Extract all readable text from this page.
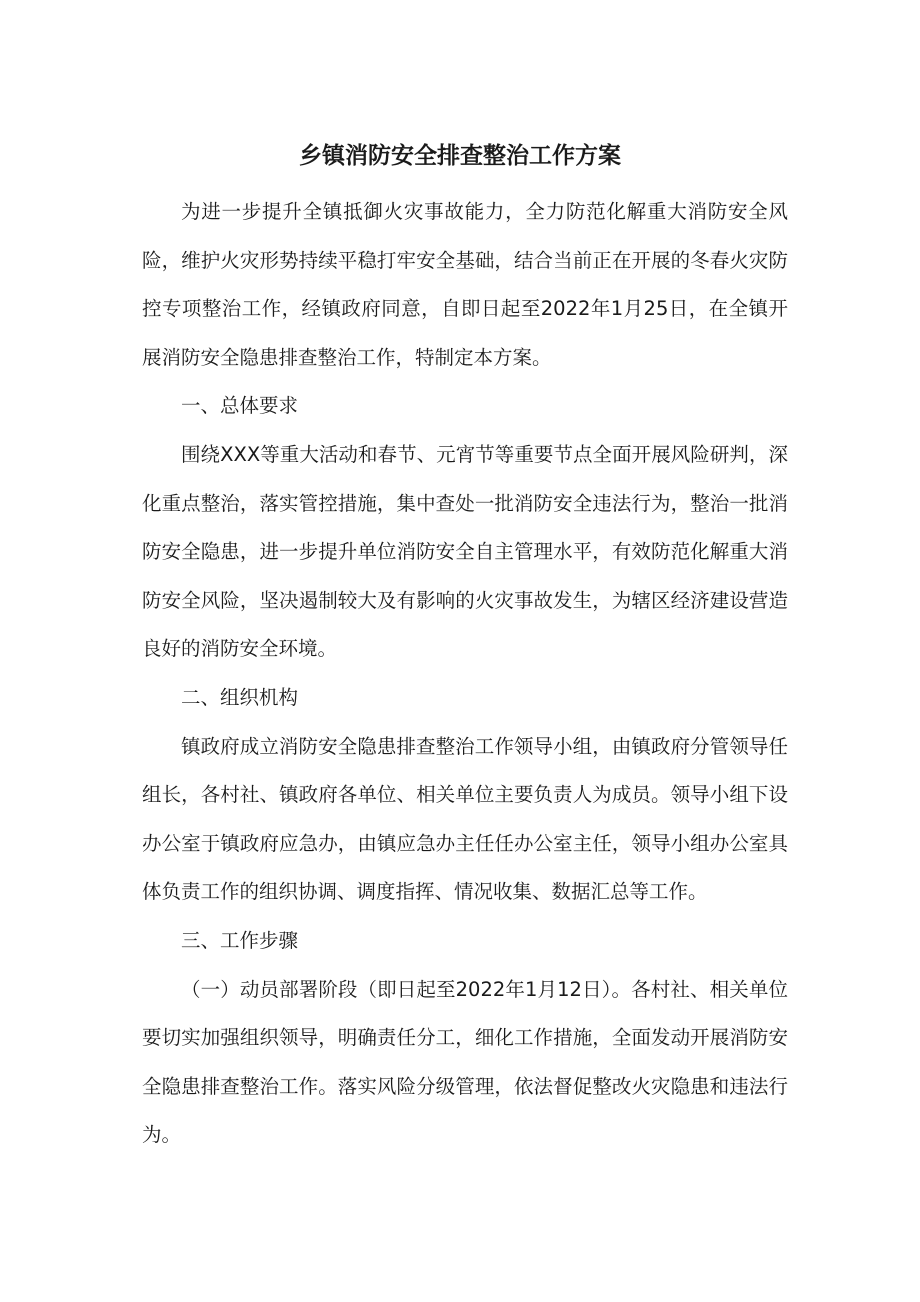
乡镇消防安全排查整治工作方案

为进一步提升全镇抵御火灾事故能力，全力防范化解重大消防安全风险，维护火灾形势持续平稳打牢安全基础，结合当前正在开展的冬春火灾防控专项整治工作，经镇政府同意，自即日起至2022年1月25日，在全镇开展消防安全隐患排查整治工作，特制定本方案。

一、总体要求

围绕XXX等重大活动和春节、元宵节等重要节点全面开展风险研判，深化重点整治，落实管控措施，集中查处一批消防安全违法行为，整治一批消防安全隐患，进一步提升单位消防安全自主管理水平，有效防范化解重大消防安全风险，坚决遏制较大及有影响的火灾事故发生，为辖区经济建设营造良好的消防安全环境。

二、组织机构

镇政府成立消防安全隐患排查整治工作领导小组，由镇政府分管领导任组长，各村社、镇政府各单位、相关单位主要负责人为成员。领导小组下设办公室于镇政府应急办，由镇应急办主任任办公室主任，领导小组办公室具体负责工作的组织协调、调度指挥、情况收集、数据汇总等工作。

三、工作步骤

（一）动员部署阶段（即日起至2022年1月12日）。各村社、相关单位要切实加强组织领导，明确责任分工，细化工作措施，全面发动开展消防安全隐患排查整治工作。落实风险分级管理，依法督促整改火灾隐患和违法行为。
